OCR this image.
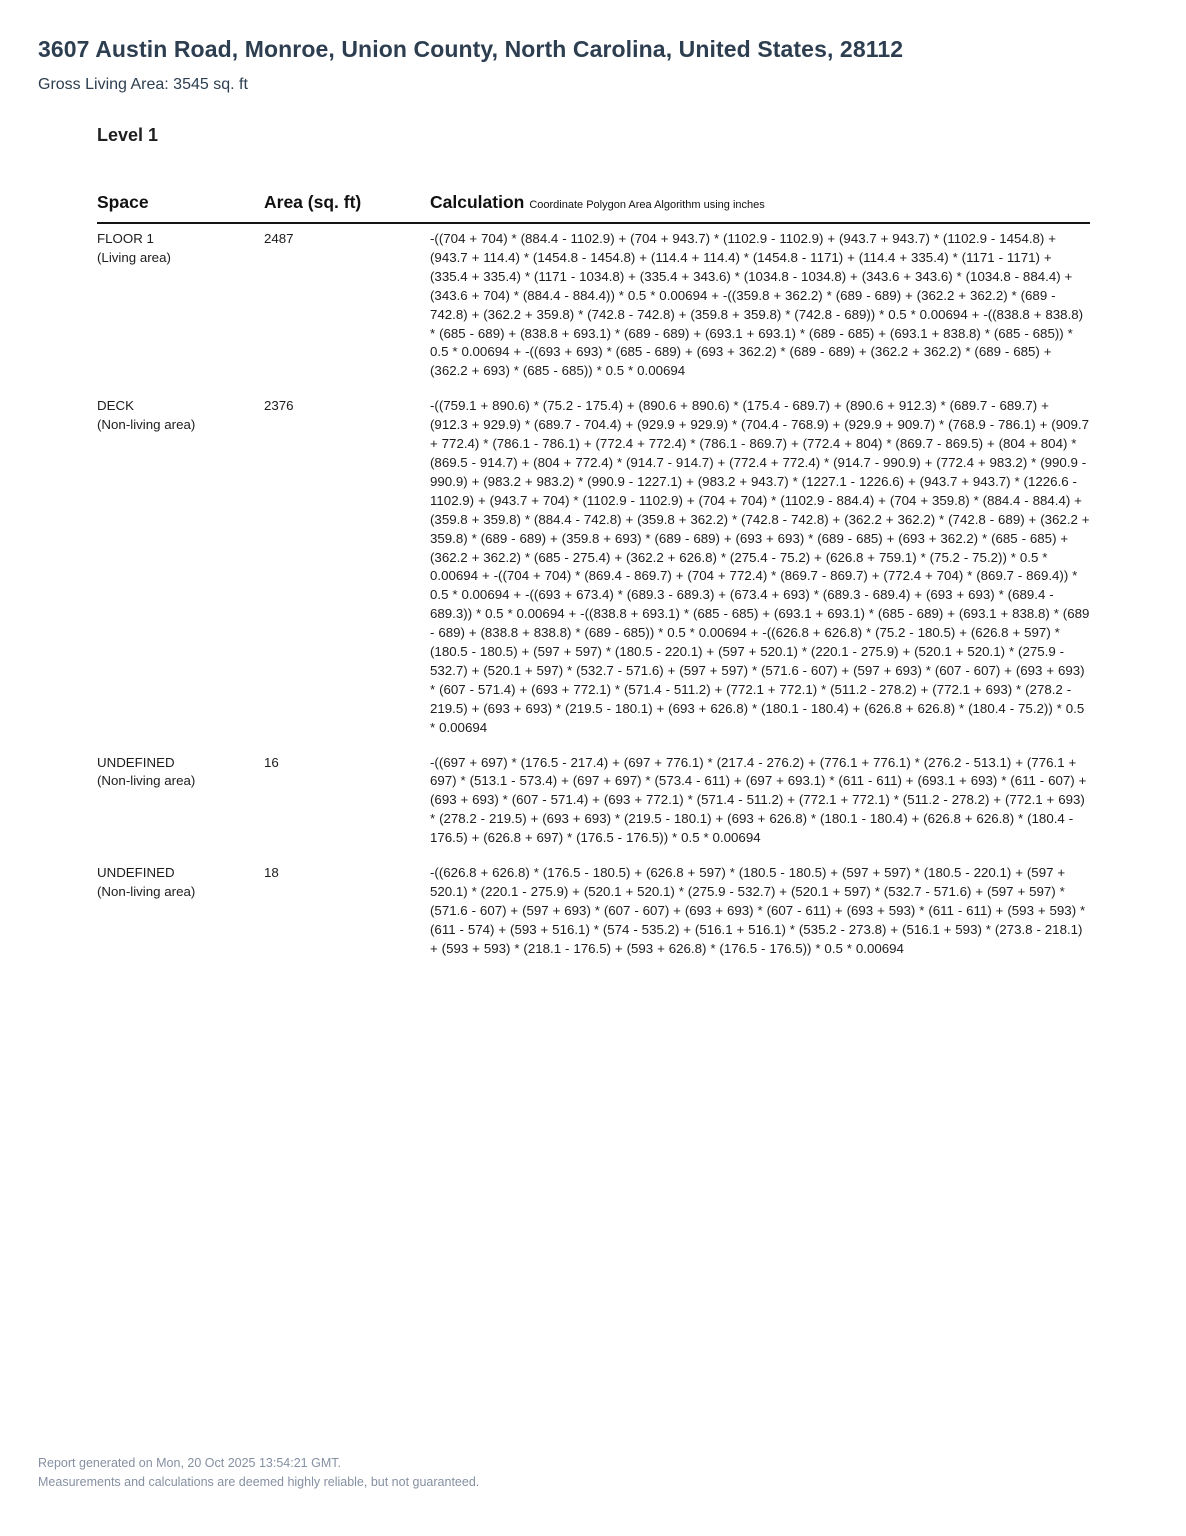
3607 Austin Road, Monroe, Union County, North Carolina, United States, 28112
Gross Living Area: 3545 sq. ft
Level 1
Space	Area (sq. ft)	Calculation Coordinate Polygon Area Algorithm using inches
FLOOR 1
(Living area)
2487	-((704 + 704) * (884.4 - 1102.9) + (704 + 943.7) * (1102.9 - 1102.9) + (943.7 + 943.7) * (1102.9 - 1454.8) + (943.7 + 114.4) * (1454.8 - 1454.8) + (114.4 + 114.4) * (1454.8 - 1171) + (114.4 + 335.4) * (1171 - 1171) + (335.4 + 335.4) * (1171 - 1034.8) + (335.4 + 343.6) * (1034.8 - 1034.8) + (343.6 + 343.6) * (1034.8 - 884.4) + (343.6 + 704) * (884.4 - 884.4)) * 0.5 * 0.00694 + -((359.8 + 362.2) * (689 - 689) + (362.2 + 362.2) * (689 - 742.8) + (362.2 + 359.8) * (742.8 - 742.8) + (359.8 + 359.8) * (742.8 - 689)) * 0.5 * 0.00694 + -((838.8 + 838.8) * (685 - 689) + (838.8 + 693.1) * (689 - 689) + (693.1 + 693.1) * (689 - 685) + (693.1 + 838.8) * (685 - 685)) * 0.5 * 0.00694 + -((693 + 693) * (685 - 689) + (693 + 362.2) * (689 - 689) + (362.2 + 362.2) * (689 - 685) + (362.2 + 693) * (685 - 685)) * 0.5 * 0.00694
DECK
(Non-living area)
2376	-((759.1 + 890.6) * (75.2 - 175.4) + (890.6 + 890.6) * (175.4 - 689.7) + (890.6 + 912.3) * (689.7 - 689.7) + (912.3 + 929.9) * (689.7 - 704.4) + (929.9 + 929.9) * (704.4 - 768.9) + (929.9 + 909.7) * (768.9 - 786.1) + (909.7 + 772.4) * (786.1 - 786.1) + (772.4 + 772.4) * (786.1 - 869.7) + (772.4 + 804) * (869.7 - 869.5) + (804 + 804) * (869.5 - 914.7) + (804 + 772.4) * (914.7 - 914.7) + (772.4 + 772.4) * (914.7 - 990.9) + (772.4 + 983.2) * (990.9 - 990.9) + (983.2 + 983.2) * (990.9 - 1227.1) + (983.2 + 943.7) * (1227.1 - 1226.6) + (943.7 + 943.7) * (1226.6 - 1102.9) + (943.7 + 704) * (1102.9 - 1102.9) + (704 + 704) * (1102.9 - 884.4) + (704 + 359.8) * (884.4 - 884.4) + (359.8 + 359.8) * (884.4 - 742.8) + (359.8 + 362.2) * (742.8 - 742.8) + (362.2 + 362.2) * (742.8 - 689) + (362.2 + 359.8) * (689 - 689) + (359.8 + 693) * (689 - 689) + (693 + 693) * (689 - 685) + (693 + 362.2) * (685 - 685) + (362.2 + 362.2) * (685 - 275.4) + (362.2 + 626.8) * (275.4 - 75.2) + (626.8 + 759.1) * (75.2 - 75.2)) * 0.5 * 0.00694 + -((704 + 704) * (869.4 - 869.7) + (704 + 772.4) * (869.7 - 869.7) + (772.4 + 704) * (869.7 - 869.4)) * 0.5 * 0.00694 + -((693 + 673.4) * (689.3 - 689.3) + (673.4 + 693) * (689.3 - 689.4) + (693 + 693) * (689.4 - 689.3)) * 0.5 * 0.00694 + -((838.8 + 693.1) * (685 - 685) + (693.1 + 693.1) * (685 - 689) + (693.1 + 838.8) * (689 - 689) + (838.8 + 838.8) * (689 - 685)) * 0.5 * 0.00694 + -((626.8 + 626.8) * (75.2 - 180.5) + (626.8 + 597) * (180.5 - 180.5) + (597 + 597) * (180.5 - 220.1) + (597 + 520.1) * (220.1 - 275.9) + (520.1 + 520.1) * (275.9 - 532.7) + (520.1 + 597) * (532.7 - 571.6) + (597 + 597) * (571.6 - 607) + (597 + 693) * (607 - 607) + (693 + 693) * (607 - 571.4) + (693 + 772.1) * (571.4 - 511.2) + (772.1 + 772.1) * (511.2 - 278.2) + (772.1 + 693) * (278.2 - 219.5) + (693 + 693) * (219.5 - 180.1) + (693 + 626.8) * (180.1 - 180.4) + (626.8 + 626.8) * (180.4 - 75.2)) * 0.5 * 0.00694
UNDEFINED
(Non-living area)
16	-((697 + 697) * (176.5 - 217.4) + (697 + 776.1) * (217.4 - 276.2) + (776.1 + 776.1) * (276.2 - 513.1) + (776.1 + 697) * (513.1 - 573.4) + (697 + 697) * (573.4 - 611) + (697 + 693.1) * (611 - 611) + (693.1 + 693) * (611 - 607) + (693 + 693) * (607 - 571.4) + (693 + 772.1) * (571.4 - 511.2) + (772.1 + 772.1) * (511.2 - 278.2) + (772.1 + 693) * (278.2 - 219.5) + (693 + 693) * (219.5 - 180.1) + (693 + 626.8) * (180.1 - 180.4) + (626.8 + 626.8) * (180.4 - 176.5) + (626.8 + 697) * (176.5 - 176.5)) * 0.5 * 0.00694
UNDEFINED
(Non-living area)
18	-((626.8 + 626.8) * (176.5 - 180.5) + (626.8 + 597) * (180.5 - 180.5) + (597 + 597) * (180.5 - 220.1) + (597 + 520.1) * (220.1 - 275.9) + (520.1 + 520.1) * (275.9 - 532.7) + (520.1 + 597) * (532.7 - 571.6) + (597 + 597) * (571.6 - 607) + (597 + 693) * (607 - 607) + (693 + 693) * (607 - 611) + (693 + 593) * (611 - 611) + (593 + 593) * (611 - 574) + (593 + 516.1) * (574 - 535.2) + (516.1 + 516.1) * (535.2 - 273.8) + (516.1 + 593) * (273.8 - 218.1) + (593 + 593) * (218.1 - 176.5) + (593 + 626.8) * (176.5 - 176.5)) * 0.5 * 0.00694
Report generated on Mon, 20 Oct 2025 13:54:21 GMT.
Measurements and calculations are deemed highly reliable, but not guaranteed.
